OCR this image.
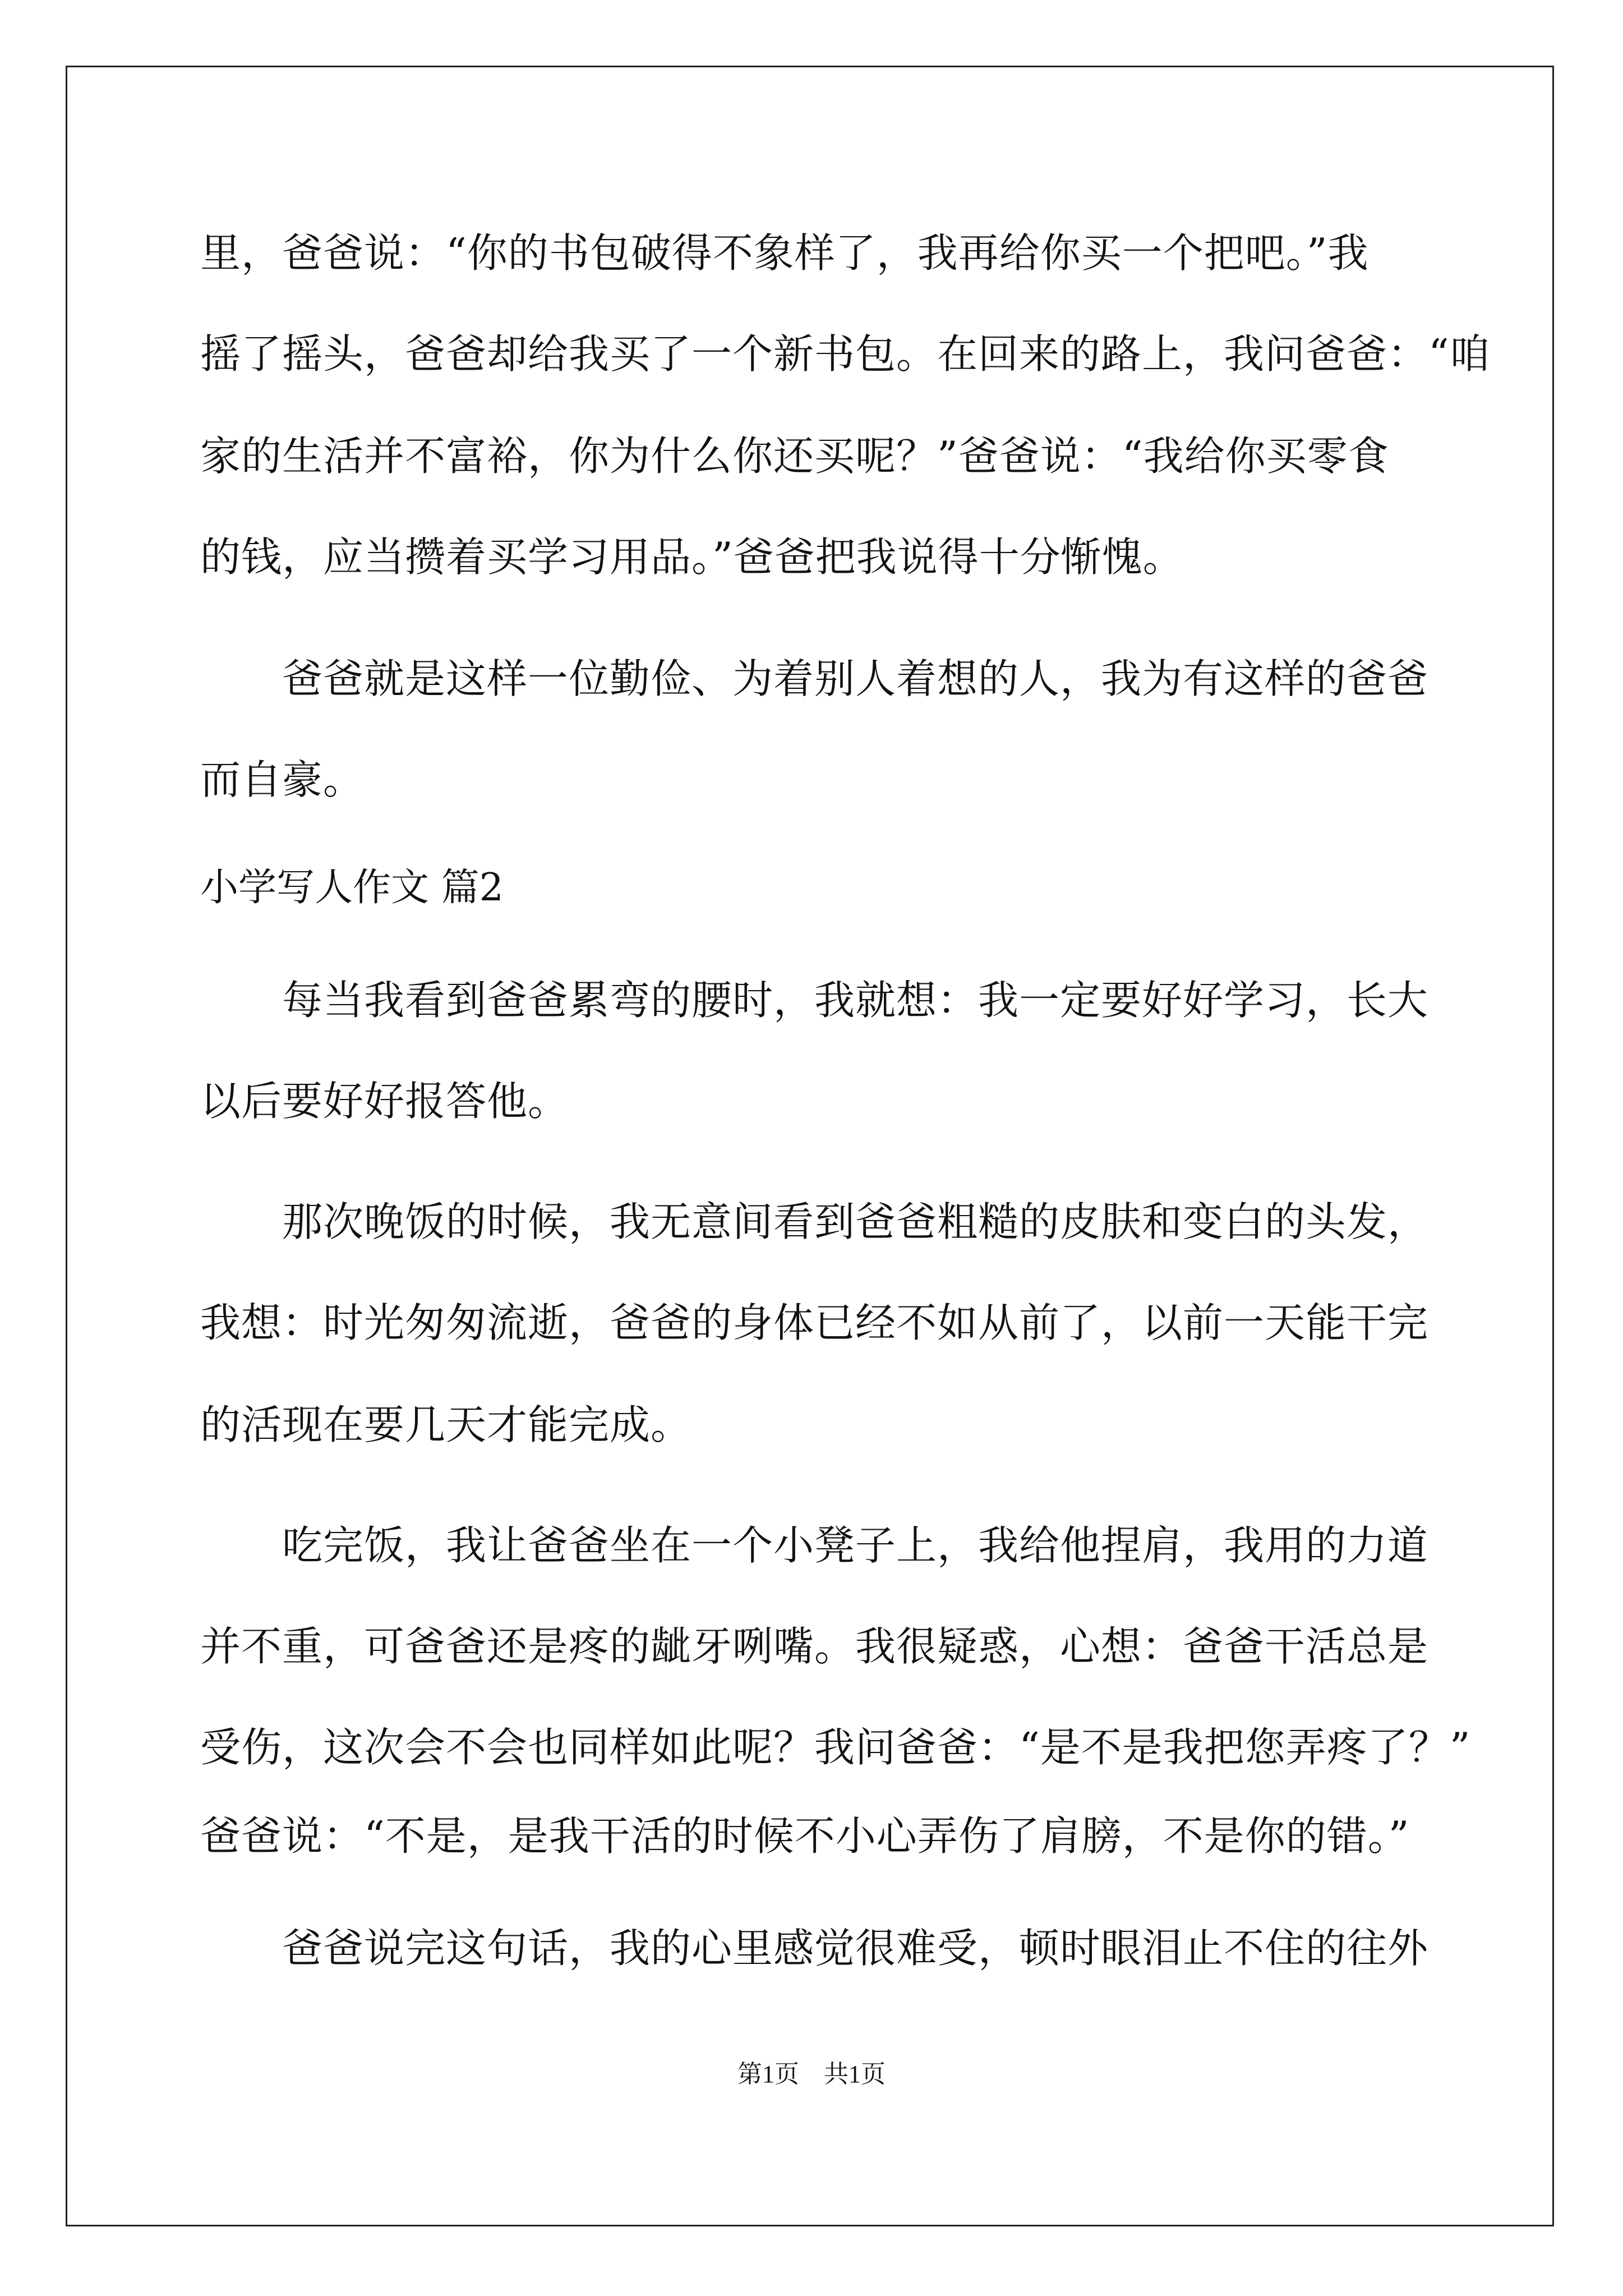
里，爸爸说：“你的书包破得不象样了，我再给你买一个把吧。”我
摇了摇头，爸爸却给我买了一个新书包。在回来的路上，我问爸爸：“咱
家的生活并不富裕，你为什么你还买呢？”爸爸说：“我给你买零食
的钱，应当攒着买学习用品。”爸爸把我说得十分惭愧。
　　爸爸就是这样一位勤俭、为着别人着想的人，我为有这样的爸爸
而自豪。
小学写人作文 篇2
　　每当我看到爸爸累弯的腰时，我就想：我一定要好好学习，长大
以后要好好报答他。
　　那次晚饭的时候，我无意间看到爸爸粗糙的皮肤和变白的头发，
我想：时光匆匆流逝，爸爸的身体已经不如从前了，以前一天能干完
的活现在要几天才能完成。
　　吃完饭，我让爸爸坐在一个小凳子上，我给他捏肩，我用的力道
并不重，可爸爸还是疼的龇牙咧嘴。我很疑惑，心想：爸爸干活总是
受伤，这次会不会也同样如此呢？我问爸爸：“是不是我把您弄疼了？”
爸爸说：“不是，是我干活的时候不小心弄伤了肩膀，不是你的错。”
　　爸爸说完这句话，我的心里感觉很难受，顿时眼泪止不住的往外
第1页　共1页
